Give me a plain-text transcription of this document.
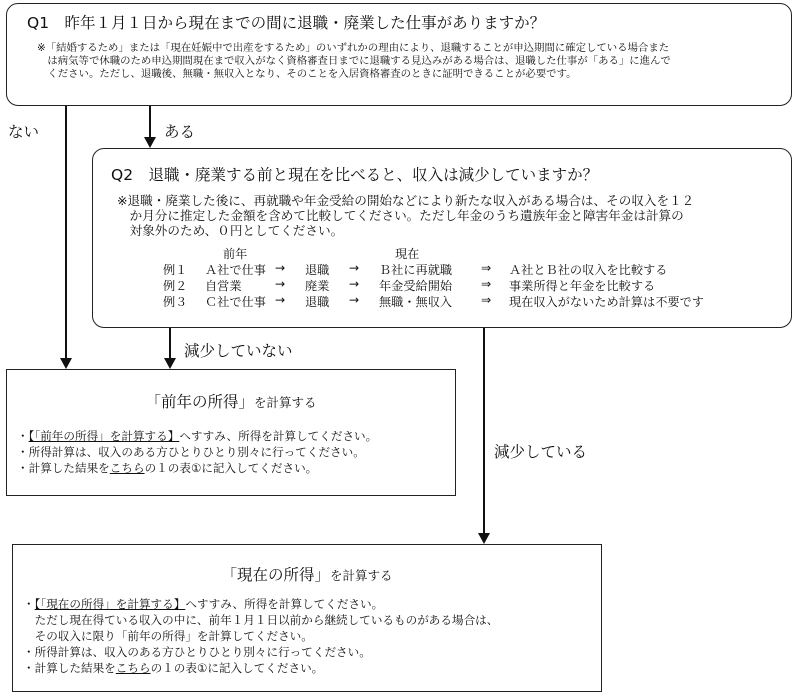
Q1　昨年１月１日から現在までの間に退職・廃業した仕事がありますか？
※「結婚するため」または「現在妊娠中で出産をするため」のいずれかの理由により、退職することが申込期間に確定している場合また
　は病気等で休職のため申込期間現在まで収入がなく資格審査日までに退職する見込みがある場合は、退職した仕事が「ある」に進んで
　ください。ただし、退職後、無職・無収入となり、そのことを入居資格審査のときに証明できることが必要です。
ない	ある
Q2　退職・廃業する前と現在を比べると、収入は減少していますか？
※退職・廃業した後に、再就職や年金受給の開始などにより新たな収入がある場合は、その収入を１２
　か月分に推定した金額を含めて比較してください。ただし年金のうち遺族年金と障害年金は計算の
　対象外のため、０円としてください。
前年	現在
例１ Ａ社で仕事 → 退職 → Ｂ社に再就職 ⇒ Ａ社とＢ社の収入を比較する
例２ 自営業	→ 廃業 → 年金受給開始 ⇒ 事業所得と年金を比較する
例３ Ｃ社で仕事 → 退職 → 無職・無収入 ⇒ 現在収入がないため計算は不要です
減少していない
減少している
「前年の所得」を計算する
・【「前年の所得」を計算する】へすすみ、所得を計算してください。
・所得計算は、収入のある方ひとりひとり別々に行ってください。
・計算した結果をこちらの１の表①に記入してください。
「現在の所得」を計算する
・【「現在の所得」を計算する】へすすみ、所得を計算してください。
　ただし現在得ている収入の中に、前年１月１日以前から継続しているものがある場合は、
　その収入に限り「前年の所得」を計算してください。
・所得計算は、収入のある方ひとりひとり別々に行ってください。
・計算した結果をこちらの１の表①に記入してください。
